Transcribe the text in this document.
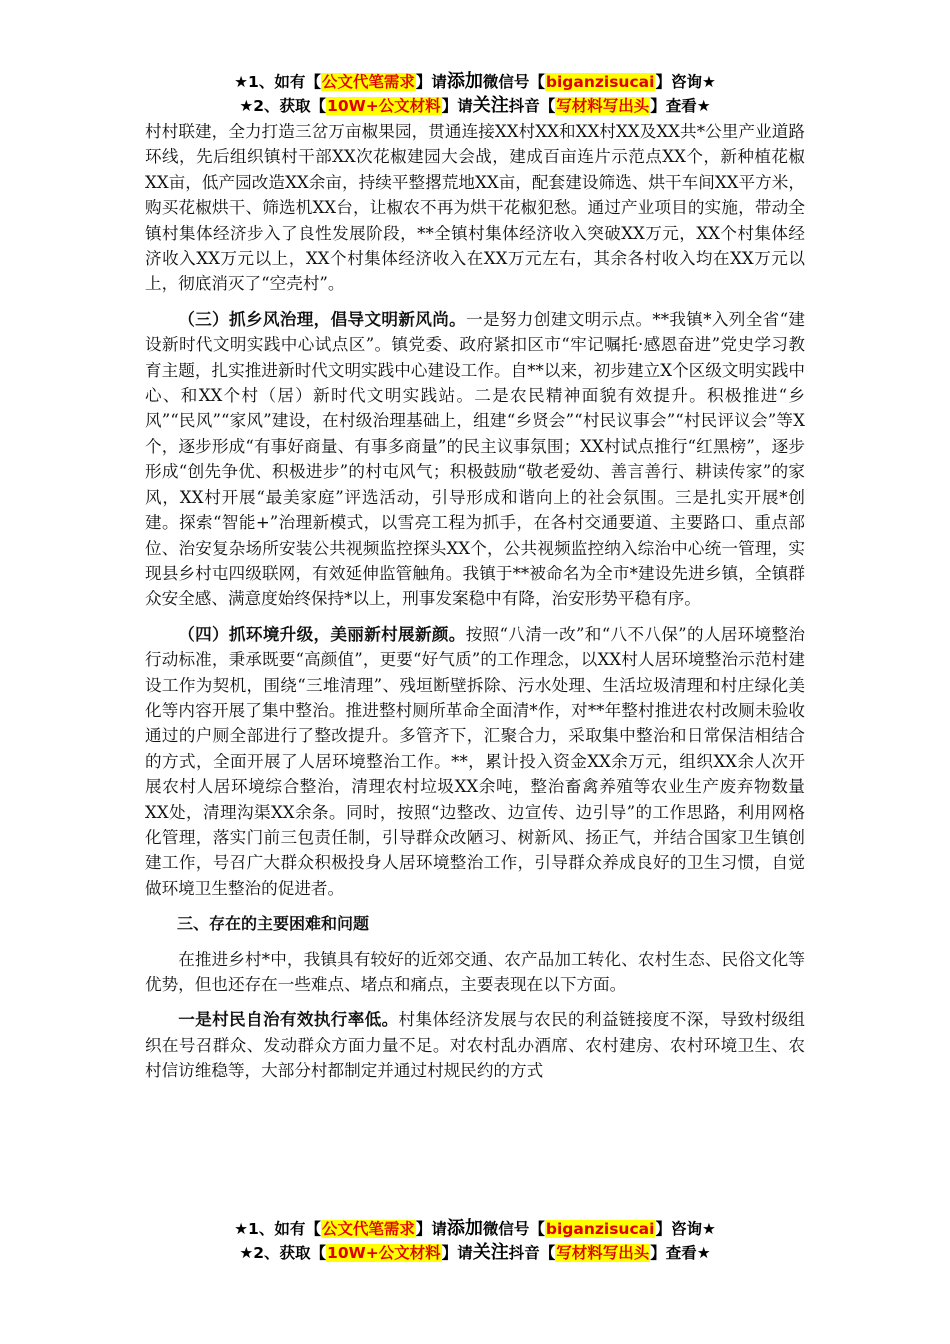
★1、如有【公文代笔需求】请添加微信号【biganzisucai】咨询★
★2、获取【10W+公文材料】请关注抖音【写材料写出头】查看★

村村联建，全力打造三岔万亩椒果园，贯通连接XX村XX和XX村XX及XX共*公里产业道路环线，先后组织镇村干部XX次花椒建园大会战，建成百亩连片示范点XX个，新种植花椒XX亩，低产园改造XX余亩，持续平整撂荒地XX亩，配套建设筛选、烘干车间XX平方米，购买花椒烘干、筛选机XX台，让椒农不再为烘干花椒犯愁。通过产业项目的实施，带动全镇村集体经济步入了良性发展阶段，**全镇村集体经济收入突破XX万元，XX个村集体经济收入XX万元以上，XX个村集体经济收入在XX万元左右，其余各村收入均在XX万元以上，彻底消灭了“空壳村”。

（三）抓乡风治理，倡导文明新风尚。一是努力创建文明示点。**我镇*入列全省“建设新时代文明实践中心试点区”。镇党委、政府紧扣区市“牢记嘱托·感恩奋进”党史学习教育主题，扎实推进新时代文明实践中心建设工作。自**以来，初步建立X个区级文明实践中心、和XX个村（居）新时代文明实践站。二是农民精神面貌有效提升。积极推进“乡风”“民风”“家风”建设，在村级治理基础上，组建“乡贤会”“村民议事会”“村民评议会”等X个，逐步形成“有事好商量、有事多商量”的民主议事氛围；XX村试点推行“红黑榜”，逐步形成“创先争优、积极进步”的村屯风气；积极鼓励“敬老爱幼、善言善行、耕读传家”的家风，XX村开展“最美家庭”评选活动，引导形成和谐向上的社会氛围。三是扎实开展*创建。探索“智能+”治理新模式，以雪亮工程为抓手，在各村交通要道、主要路口、重点部位、治安复杂场所安装公共视频监控探头XX个，公共视频监控纳入综治中心统一管理，实现县乡村屯四级联网，有效延伸监管触角。我镇于**被命名为全市*建设先进乡镇，全镇群众安全感、满意度始终保持*以上，刑事发案稳中有降，治安形势平稳有序。

（四）抓环境升级，美丽新村展新颜。按照“八清一改”和“八不八保”的人居环境整治行动标准，秉承既要“高颜值”，更要“好气质”的工作理念，以XX村人居环境整治示范村建设工作为契机，围绕“三堆清理”、残垣断壁拆除、污水处理、生活垃圾清理和村庄绿化美化等内容开展了集中整治。推进整村厕所革命全面清*作，对**年整村推进农村改厕未验收通过的户厕全部进行了整改提升。多管齐下，汇聚合力，采取集中整治和日常保洁相结合的方式，全面开展了人居环境整治工作。**，累计投入资金XX余万元，组织XX余人次开展农村人居环境综合整治，清理农村垃圾XX余吨，整治畜禽养殖等农业生产废弃物数量XX处，清理沟渠XX余条。同时，按照“边整改、边宣传、边引导”的工作思路，利用网格化管理，落实门前三包责任制，引导群众改陋习、树新风、扬正气，并结合国家卫生镇创建工作，号召广大群众积极投身人居环境整治工作，引导群众养成良好的卫生习惯，自觉做环境卫生整治的促进者。

三、存在的主要困难和问题

在推进乡村*中，我镇具有较好的近郊交通、农产品加工转化、农村生态、民俗文化等优势，但也还存在一些难点、堵点和痛点，主要表现在以下方面。

一是村民自治有效执行率低。村集体经济发展与农民的利益链接度不深，导致村级组织在号召群众、发动群众方面力量不足。对农村乱办酒席、农村建房、农村环境卫生、农村信访维稳等，大部分村都制定并通过村规民约的方式

★1、如有【公文代笔需求】请添加微信号【biganzisucai】咨询★
★2、获取【10W+公文材料】请关注抖音【写材料写出头】查看★
